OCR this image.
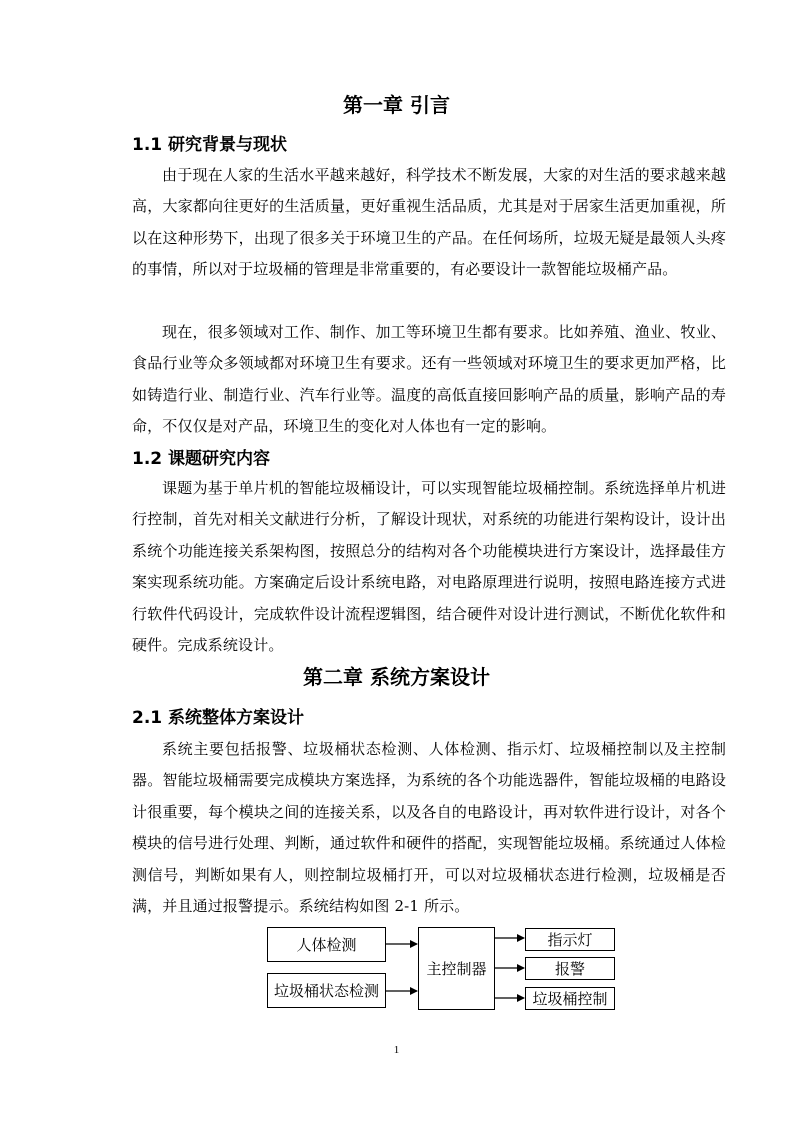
第一章 引言
1.1 研究背景与现状
由于现在人家的生活水平越来越好，科学技术不断发展，大家的对生活的要求越来越高，大家都向往更好的生活质量，更好重视生活品质，尤其是对于居家生活更加重视，所以在这种形势下，出现了很多关于环境卫生的产品。在任何场所，垃圾无疑是最领人头疼的事情，所以对于垃圾桶的管理是非常重要的，有必要设计一款智能垃圾桶产品。
现在，很多领域对工作、制作、加工等环境卫生都有要求。比如养殖、渔业、牧业、食品行业等众多领域都对环境卫生有要求。还有一些领域对环境卫生的要求更加严格，比如铸造行业、制造行业、汽车行业等。温度的高低直接回影响产品的质量，影响产品的寿命，不仅仅是对产品，环境卫生的变化对人体也有一定的影响。
1.2 课题研究内容
课题为基于单片机的智能垃圾桶设计，可以实现智能垃圾桶控制。系统选择单片机进行控制，首先对相关文献进行分析，了解设计现状，对系统的功能进行架构设计，设计出系统个功能连接关系架构图，按照总分的结构对各个功能模块进行方案设计，选择最佳方案实现系统功能。方案确定后设计系统电路，对电路原理进行说明，按照电路连接方式进行软件代码设计，完成软件设计流程逻辑图，结合硬件对设计进行测试，不断优化软件和硬件。完成系统设计。
第二章 系统方案设计
2.1 系统整体方案设计
系统主要包括报警、垃圾桶状态检测、人体检测、指示灯、垃圾桶控制以及主控制器。智能垃圾桶需要完成模块方案选择，为系统的各个功能选器件，智能垃圾桶的电路设计很重要，每个模块之间的连接关系，以及各自的电路设计，再对软件进行设计，对各个模块的信号进行处理、判断，通过软件和硬件的搭配，实现智能垃圾桶。系统通过人体检测信号，判断如果有人，则控制垃圾桶打开，可以对垃圾桶状态进行检测，垃圾桶是否满，并且通过报警提示。系统结构如图 2-1 所示。
人体检测
垃圾桶状态检测
主控制器
指示灯
报警
垃圾桶控制
1
